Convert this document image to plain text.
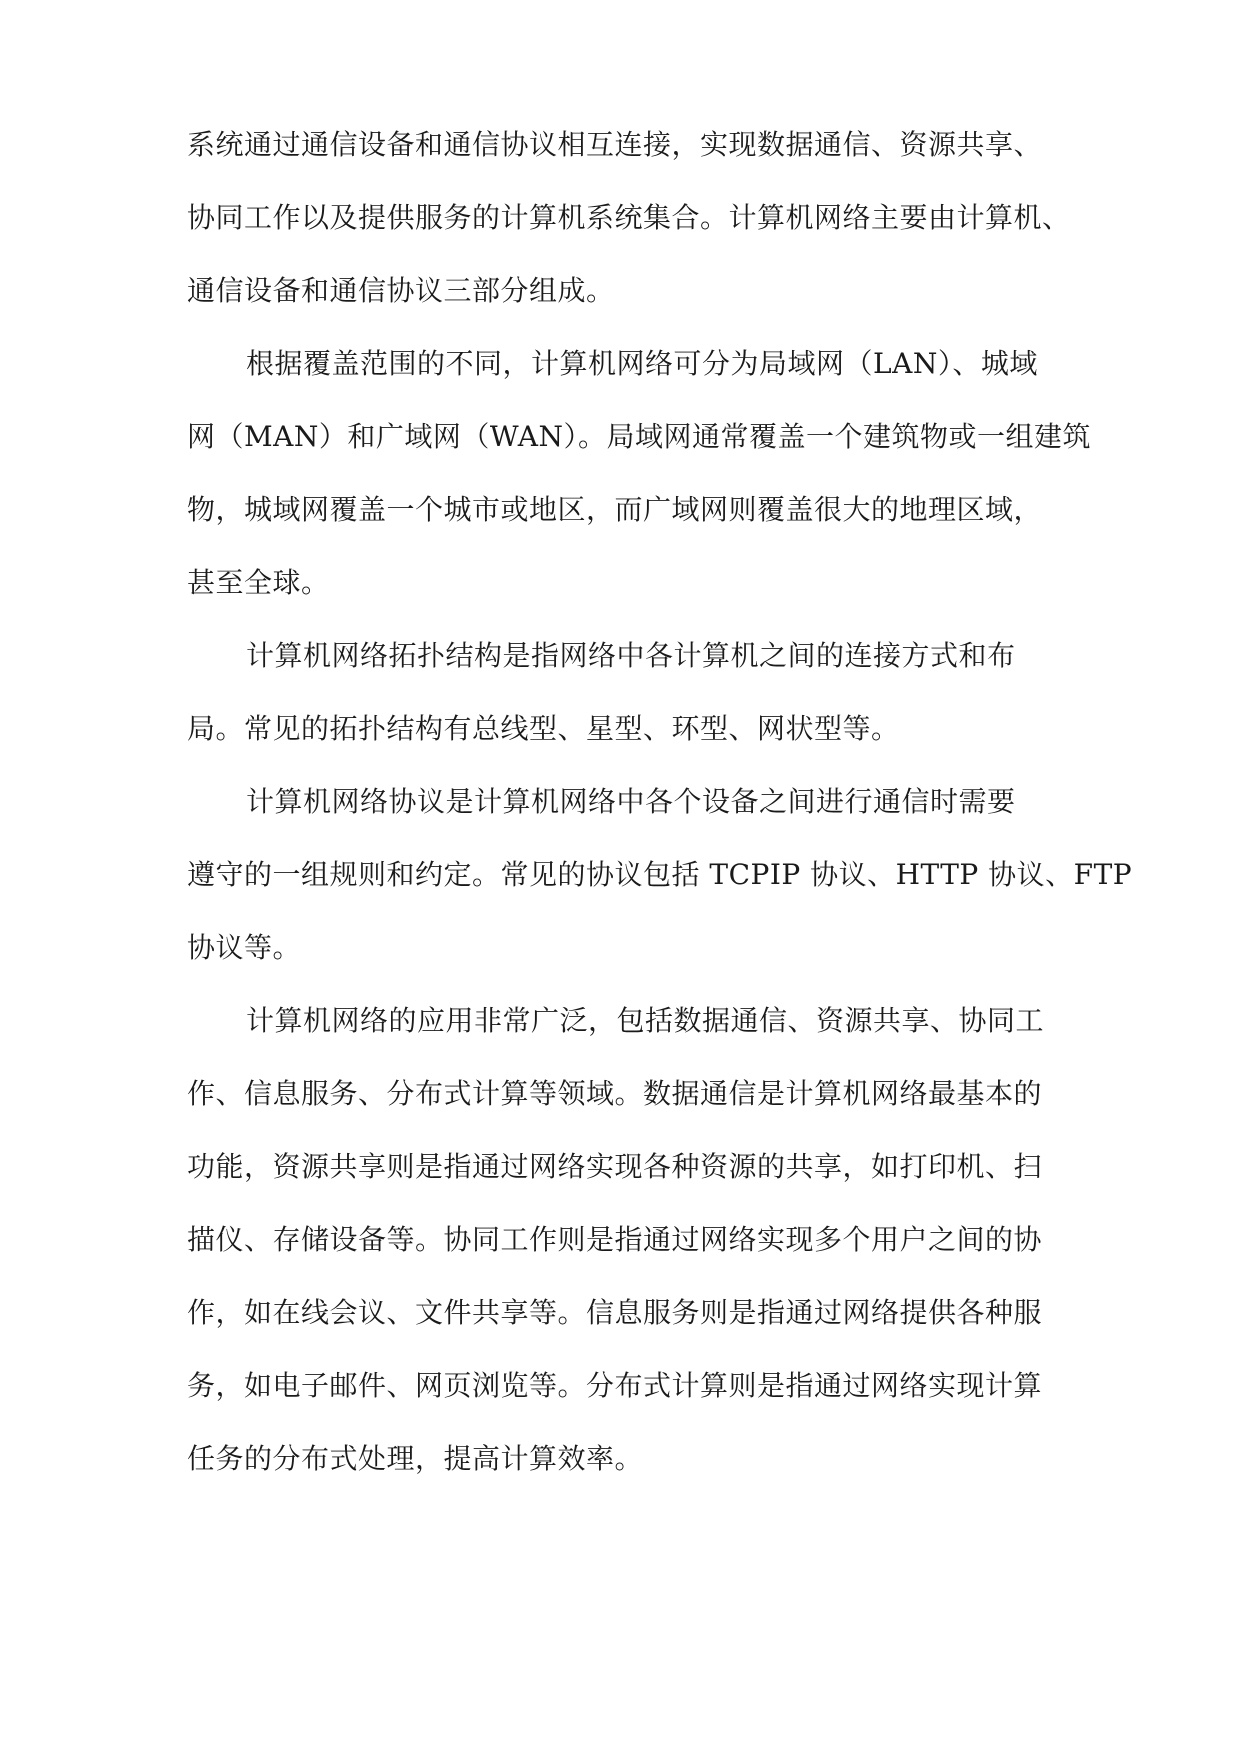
系统通过通信设备和通信协议相互连接，实现数据通信、资源共享、
协同工作以及提供服务的计算机系统集合。计算机网络主要由计算机、
通信设备和通信协议三部分组成。
根据覆盖范围的不同，计算机网络可分为局域网（LAN）、城域
网（MAN）和广域网（WAN）。局域网通常覆盖一个建筑物或一组建筑
物，城域网覆盖一个城市或地区，而广域网则覆盖很大的地理区域，
甚至全球。
计算机网络拓扑结构是指网络中各计算机之间的连接方式和布
局。常见的拓扑结构有总线型、星型、环型、网状型等。
计算机网络协议是计算机网络中各个设备之间进行通信时需要
遵守的一组规则和约定。常见的协议包括 TCPIP 协议、HTTP 协议、FTP
协议等。
计算机网络的应用非常广泛，包括数据通信、资源共享、协同工
作、信息服务、分布式计算等领域。数据通信是计算机网络最基本的
功能，资源共享则是指通过网络实现各种资源的共享，如打印机、扫
描仪、存储设备等。协同工作则是指通过网络实现多个用户之间的协
作，如在线会议、文件共享等。信息服务则是指通过网络提供各种服
务，如电子邮件、网页浏览等。分布式计算则是指通过网络实现计算
任务的分布式处理，提高计算效率。
